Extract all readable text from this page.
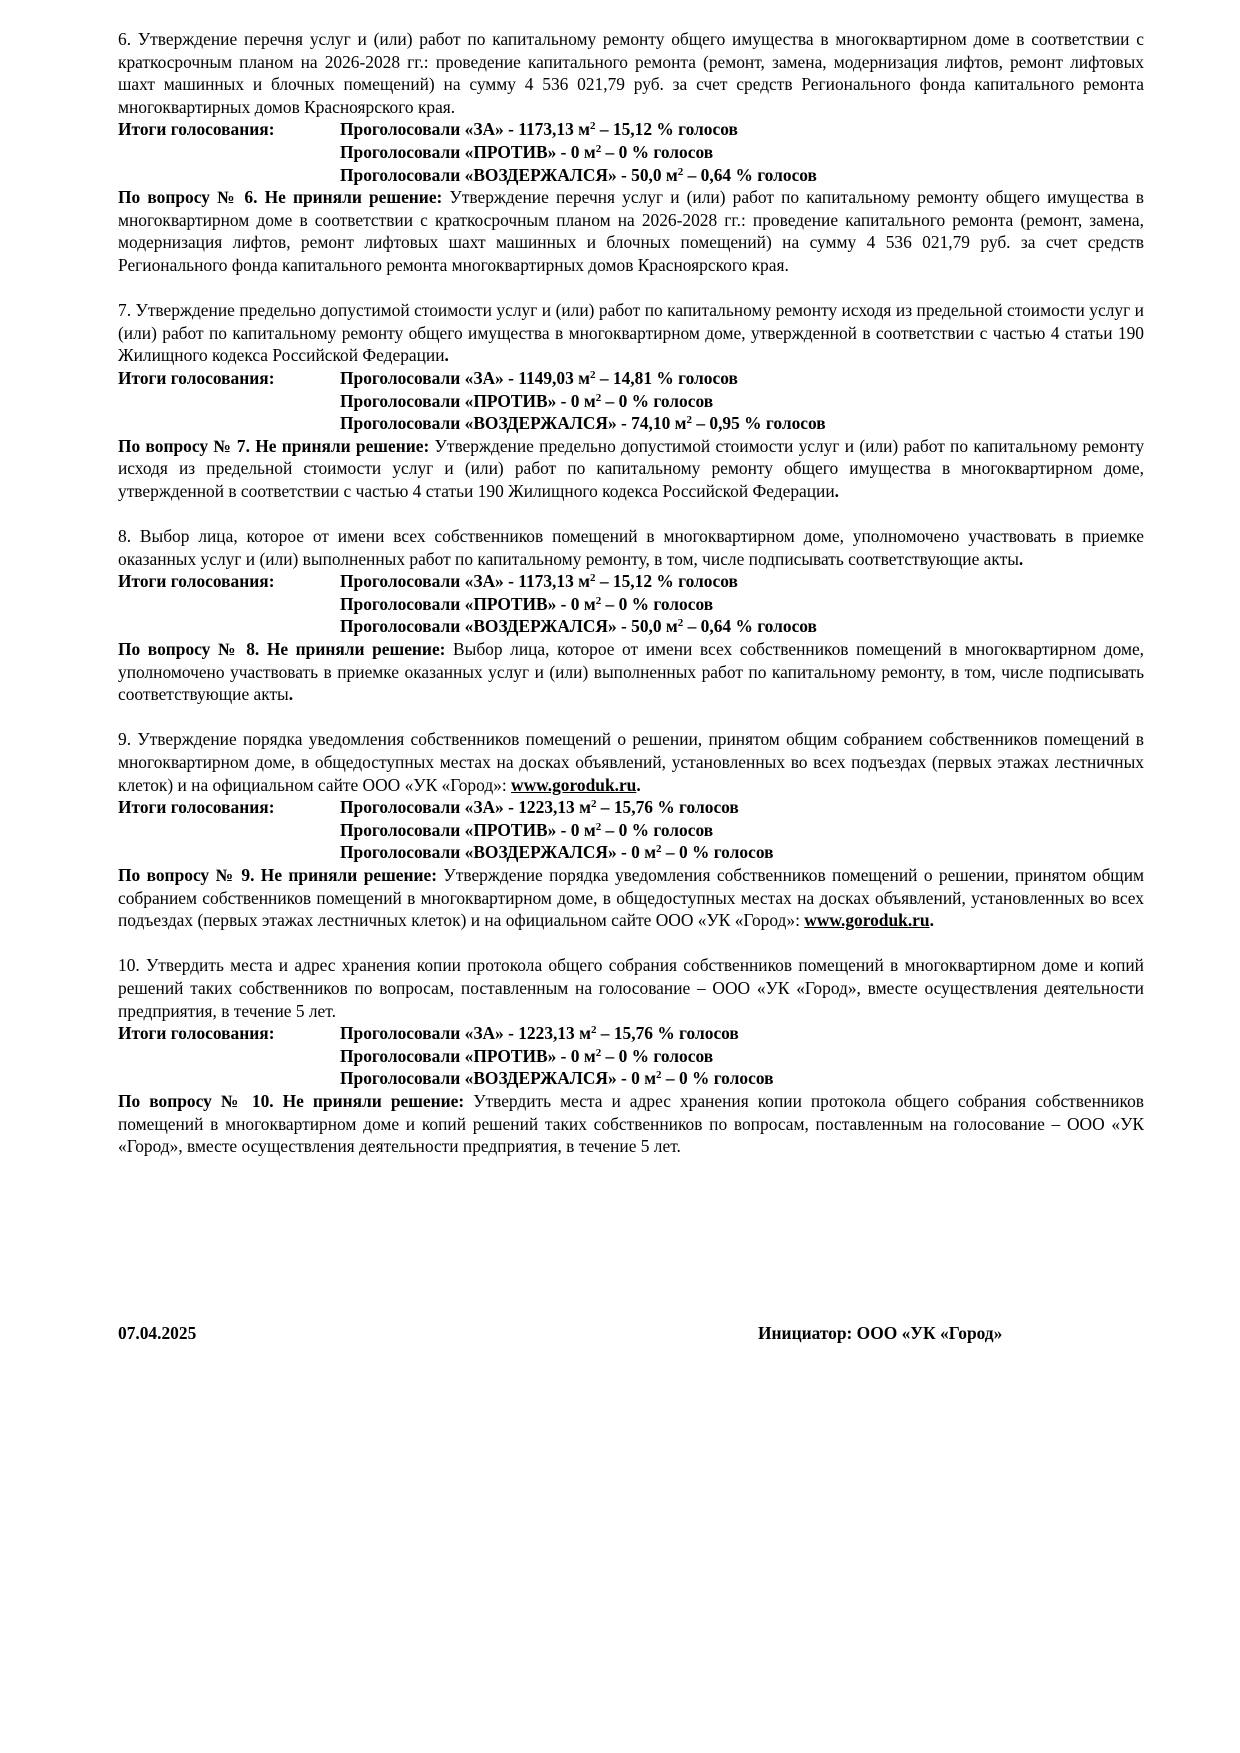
6. Утверждение перечня услуг и (или) работ по капитальному ремонту общего имущества в многоквартирном доме в соответствии с краткосрочным планом на 2026-2028 гг.: проведение капитального ремонта (ремонт, замена, модернизация лифтов, ремонт лифтовых шахт машинных и блочных помещений) на сумму 4 536 021,79 руб. за счет средств Регионального фонда капитального ремонта многоквартирных домов Красноярского края.

Итоги голосования:	Проголосовали «ЗА» - 1173,13 $м^2 - 15,12$ % голосов
Проголосовали «ПРОТИВ» - 0 $м^2 - 0$ % голосов
Проголосовали «ВОЗДЕРЖАЛСЯ» - 50,0 $м^2 - 0,64$ % голосов

По вопросу № 6. Не приняли решение: Утверждение перечня услуг и (или) работ по капитальному ремонту общего имущества в многоквартирном доме в соответствии с краткосрочным планом на 2026-2028 гг.: проведение капитального ремонта (ремонт, замена, модернизация лифтов, ремонт лифтовых шахт машинных и блочных помещений) на сумму 4 536 021,79 руб. за счет средств Регионального фонда капитального ремонта многоквартирных домов Красноярского края.

7. Утверждение предельно допустимой стоимости услуг и (или) работ по капитальному ремонту исходя из предельной стоимости услуг и (или) работ по капитальному ремонту общего имущества в многоквартирном доме, утвержденной в соответствии с частью 4 статьи 190 Жилищного кодекса Российской Федерации.

Итоги голосования:	Проголосовали «ЗА» - 1149,03 $м^2 - 14,81$ % голосов
Проголосовали «ПРОТИВ» - 0 $м^2 - 0$ % голосов
Проголосовали «ВОЗДЕРЖАЛСЯ» - 74,10 $м^2 - 0,95$ % голосов

По вопросу № 7. Не приняли решение: Утверждение предельно допустимой стоимости услуг и (или) работ по капитальному ремонту исходя из предельной стоимости услуг и (или) работ по капитальному ремонту общего имущества в многоквартирном доме, утвержденной в соответствии с частью 4 статьи 190 Жилищного кодекса Российской Федерации.

8. Выбор лица, которое от имени всех собственников помещений в многоквартирном доме, уполномочено участвовать в приемке оказанных услуг и (или) выполненных работ по капитальному ремонту, в том, числе подписывать соответствующие акты.

Итоги голосования:	Проголосовали «ЗА» - 1173,13 $м^2 - 15,12$ % голосов
Проголосовали «ПРОТИВ» - 0 $м^2 - 0$ % голосов
Проголосовали «ВОЗДЕРЖАЛСЯ» - 50,0 $м^2 - 0,64$ % голосов

По вопросу № 8. Не приняли решение: Выбор лица, которое от имени всех собственников помещений в многоквартирном доме, уполномочено участвовать в приемке оказанных услуг и (или) выполненных работ по капитальному ремонту, в том, числе подписывать соответствующие акты.

9. Утверждение порядка уведомления собственников помещений о решении, принятом общим собранием собственников помещений в многоквартирном доме, в общедоступных местах на досках объявлений, установленных во всех подъездах (первых этажах лестничных клеток) и на официальном сайте ООО «УК «Город»: www.goroduk.ru.

Итоги голосования:	Проголосовали «ЗА» - 1223,13 $м^2 - 15,76$ % голосов
Проголосовали «ПРОТИВ» - 0 $м^2 - 0$ % голосов
Проголосовали «ВОЗДЕРЖАЛСЯ» - 0 $м^2 - 0$ % голосов

По вопросу № 9. Не приняли решение: Утверждение порядка уведомления собственников помещений о решении, принятом общим собранием собственников помещений в многоквартирном доме, в общедоступных местах на досках объявлений, установленных во всех подъездах (первых этажах лестничных клеток) и на официальном сайте ООО «УК «Город»: www.goroduk.ru.

10. Утвердить места и адрес хранения копии протокола общего собрания собственников помещений в многоквартирном доме и копий решений таких собственников по вопросам, поставленным на голосование – ООО «УК «Город», вместе осуществления деятельности предприятия, в течение 5 лет.

Итоги голосования:	Проголосовали «ЗА» - 1223,13 $м^2 - 15,76$ % голосов
Проголосовали «ПРОТИВ» - 0 $м^2 - 0$ % голосов
Проголосовали «ВОЗДЕРЖАЛСЯ» - 0 $м^2 - 0$ % голосов

По вопросу № 10. Не приняли решение: Утвердить места и адрес хранения копии протокола общего собрания собственников помещений в многоквартирном доме и копий решений таких собственников по вопросам, поставленным на голосование – ООО «УК «Город», вместе осуществления деятельности предприятия, в течение 5 лет.

07.04.2025	Инициатор: ООО «УК «Город»
